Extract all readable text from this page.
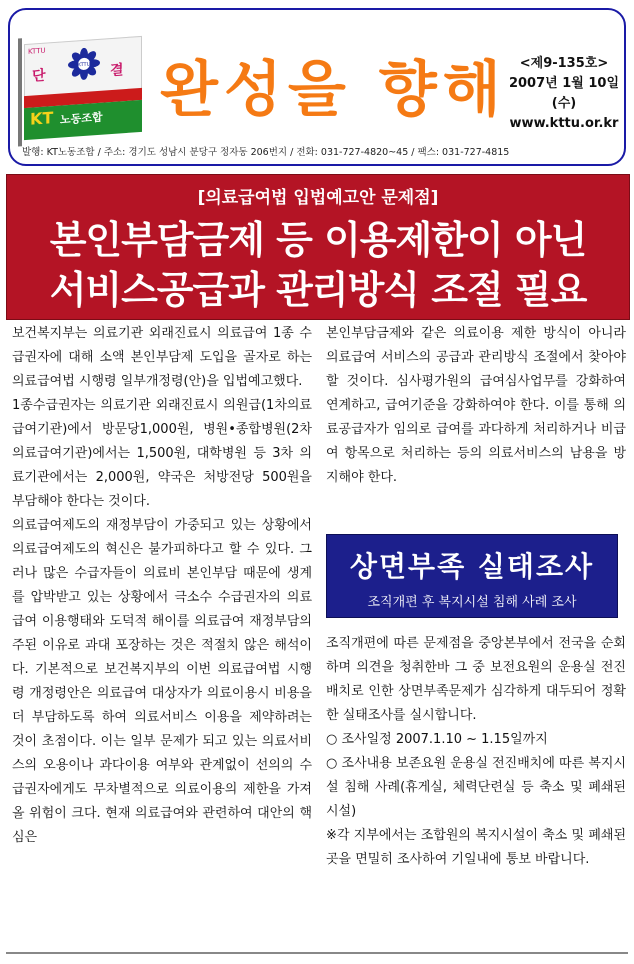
KTTU
KTTU
단	결
KT 노동조합 완성을 향해	<제9-135호>
2007년 1월 10일(수)
www.kttu.or.kr
발행: KT노동조합 / 주소: 경기도 성남시 분당구 정자동 206번지 / 전화: 031-727-4820~45 / 팩스: 031-727-4815
[의료급여법 입법예고안 문제점]
본인부담금제 등 이용제한이 아닌
서비스공급과 관리방식 조절 필요

보건복지부는 의료기관 외래진료시 의료급여 1종 수급권자에 대해 소액 본인부담제 도입을 골자로 하는 의료급여법 시행령 일부개정령(안)을 입법예고했다.

1종수급권자는 의료기관 외래진료시 의원급(1차의료급여기관)에서 방문당1,000원, 병원•종합병원(2차 의료급여기관)에서는 1,500원, 대학병원 등 3차 의료기관에서는 2,000원, 약국은 처방전당 500원을 부담해야 한다는 것이다.

의료급여제도의 재정부담이 가중되고 있는 상황에서 의료급여제도의 혁신은 불가피하다고 할 수 있다. 그러나 많은 수급자들이 의료비 본인부담 때문에 생계를 압박받고 있는 상황에서 극소수 수급권자의 의료급여 이용행태와 도덕적 해이를 의료급여 재정부담의 주된 이유로 과대 포장하는 것은 적절치 않은 해석이다. 기본적으로 보건복지부의 이번 의료급여법 시행령 개정령안은 의료급여 대상자가 의료이용시 비용을 더 부담하도록 하여 의료서비스 이용을 제약하려는 것이 초점이다. 이는 일부 문제가 되고 있는 의료서비스의 오용이나 과다이용 여부와 관계없이 선의의 수급권자에게도 무차별적으로 의료이용의 제한을 가져 올 위험이 크다. 현재 의료급여와 관련하여 대안의 핵심은

본인부담금제와 같은 의료이용 제한 방식이 아니라 의료급여 서비스의 공급과 관리방식 조절에서 찾아야 할 것이다. 심사평가원의 급여심사업무를 강화하여 연계하고, 급여기준을 강화하여야 한다. 이를 통해 의료공급자가 임의로 급여를 과다하게 처리하거나 비급여 항목으로 처리하는 등의 의료서비스의 남용을 방지해야 한다.

상면부족 실태조사
조직개편 후 복지시설 침해 사례 조사

조직개편에 따른 문제점을 중앙본부에서 전국을 순회하며 의견을 청취한바 그 중 보전요원의 운용실 전진배치로 인한 상면부족문제가 심각하게 대두되어 정확한 실태조사를 실시합니다.

○ 조사일정 2007.1.10 ~ 1.15일까지

○ 조사내용 보존요원 운용실 전진배치에 따른 복지시설 침해 사례(휴게실, 체력단련실 등 축소 및 폐쇄된 시설)

※각 지부에서는 조합원의 복지시설이 축소 및 폐쇄된 곳을 면밀히 조사하여 기일내에 통보 바랍니다.
